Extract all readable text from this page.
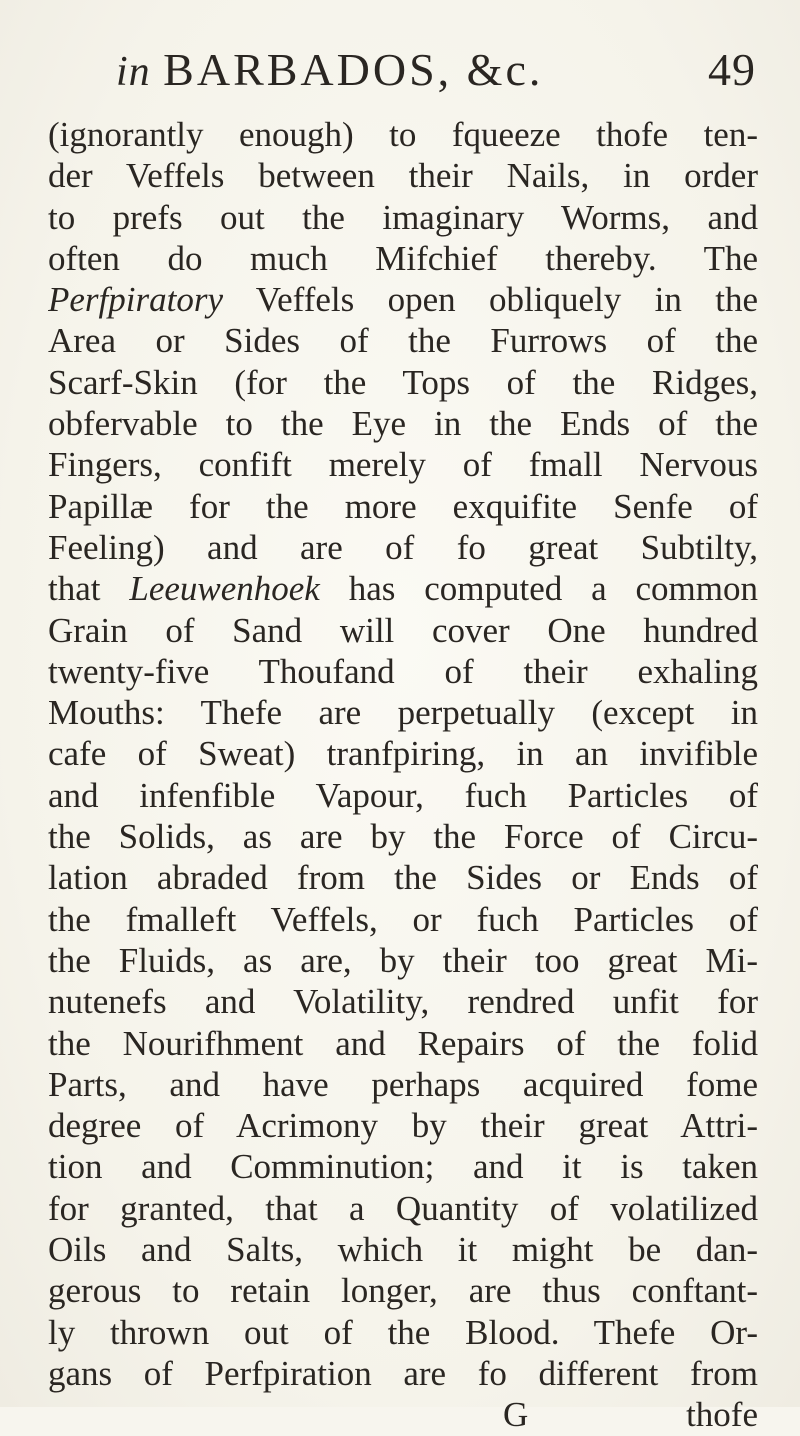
in BARBADOS, &c.	49
(ignorantly enough) to fqueeze thofe ten-
der Veffels between their Nails, in order
to prefs out the imaginary Worms, and
often do much Mifchief thereby. The
Perfpiratory Veffels open obliquely in the
Area or Sides of the Furrows of the
Scarf-Skin (for the Tops of the Ridges,
obfervable to the Eye in the Ends of the
Fingers, confift merely of fmall Nervous
Papillæ for the more exquifite Senfe of
Feeling) and are of fo great Subtilty,
that Leeuwenhoek has computed a common
Grain of Sand will cover One hundred
twenty-five Thoufand of their exhaling
Mouths: Thefe are perpetually (except in
cafe of Sweat) tranfpiring, in an invifible
and infenfible Vapour, fuch Particles of
the Solids, as are by the Force of Circu-
lation abraded from the Sides or Ends of
the fmalleft Veffels, or fuch Particles of
the Fluids, as are, by their too great Mi-
nutenefs and Volatility, rendred unfit for
the Nourifhment and Repairs of the folid
Parts, and have perhaps acquired fome
degree of Acrimony by their great Attri-
tion and Comminution; and it is taken
for granted, that a Quantity of volatilized
Oils and Salts, which it might be dan-
gerous to retain longer, are thus conftant-
ly thrown out of the Blood. Thefe Or-
gans of Perfpiration are fo different from
G	thofe
